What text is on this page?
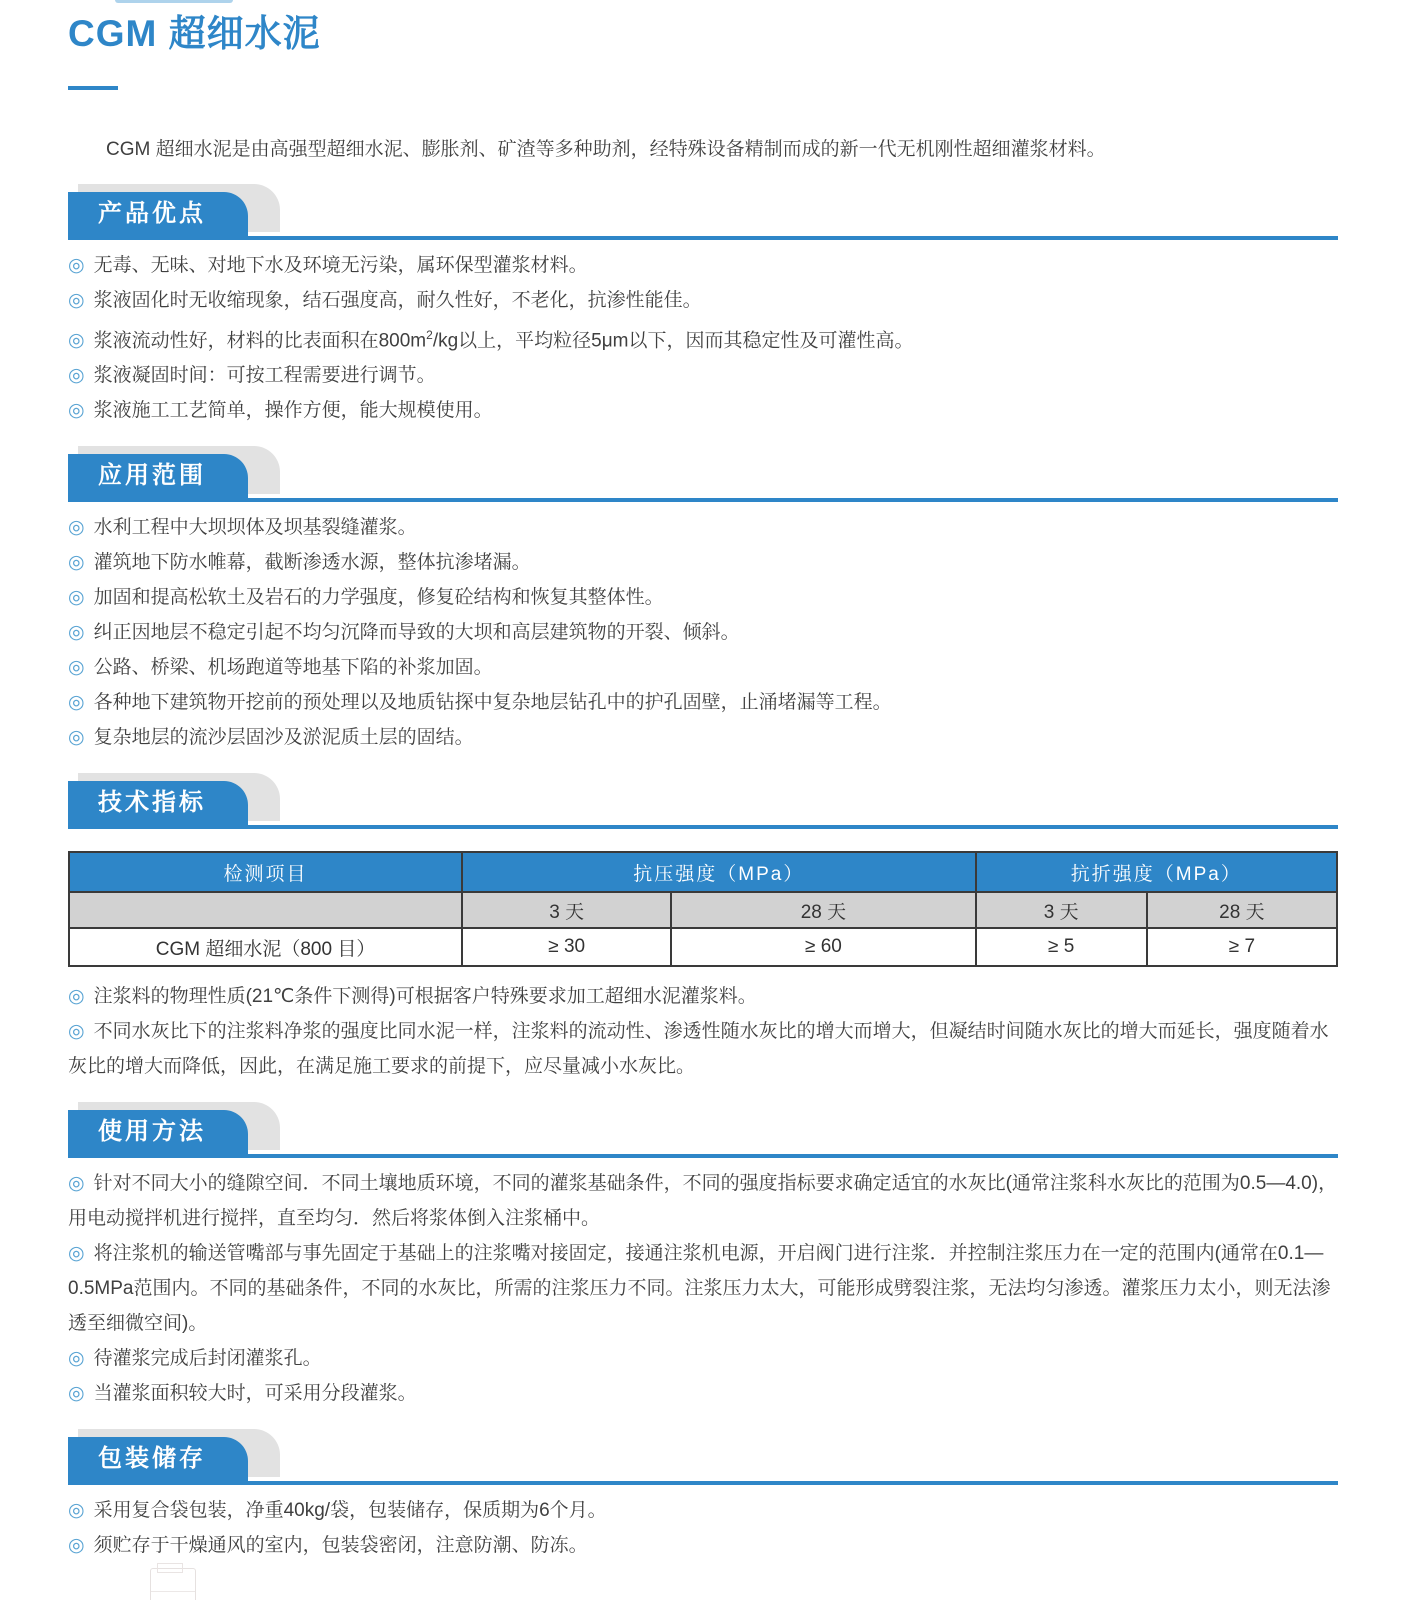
CGM 超细水泥

CGM 超细水泥是由高强型超细水泥、膨胀剂、矿渣等多种助剂，经特殊设备精制而成的新一代无机刚性超细灌浆材料。

产品优点

◎ 无毒、无味、对地下水及环境无污染，属环保型灌浆材料。

◎ 浆液固化时无收缩现象，结石强度高，耐久性好，不老化，抗渗性能佳。

◎ 浆液流动性好，材料的比表面积在$800m^2/kg$以上，平均粒径5μm以下，因而其稳定性及可灌性高。

◎ 浆液凝固时间：可按工程需要进行调节。

◎ 浆液施工工艺简单，操作方便，能大规模使用。

应用范围

◎ 水利工程中大坝坝体及坝基裂缝灌浆。

◎ 灌筑地下防水帷幕，截断渗透水源，整体抗渗堵漏。

◎ 加固和提高松软土及岩石的力学强度，修复砼结构和恢复其整体性。

◎ 纠正因地层不稳定引起不均匀沉降而导致的大坝和高层建筑物的开裂、倾斜。

◎ 公路、桥梁、机场跑道等地基下陷的补浆加固。

◎ 各种地下建筑物开挖前的预处理以及地质钻探中复杂地层钻孔中的护孔固壁，止涌堵漏等工程。

◎ 复杂地层的流沙层固沙及淤泥质土层的固结。

技术指标
检测项目	抗压强度（MPa）		抗折强度（MPa）	
	3 天	28 天	3 天	28 天
CGM 超细水泥（800 目）	≥ 30	≥ 60	≥ 5	≥ 7

◎ 注浆料的物理性质(21℃条件下测得)可根据客户特殊要求加工超细水泥灌浆料。

◎ 不同水灰比下的注浆料净浆的强度比同水泥一样，注浆料的流动性、渗透性随水灰比的增大而增大，但凝结时间随水灰比的增大而延长，强度随着水灰比的增大而降低，因此，在满足施工要求的前提下，应尽量减小水灰比。

使用方法

◎ 针对不同大小的缝隙空间．不同土壤地质环境，不同的灌浆基础条件，不同的强度指标要求确定适宜的水灰比(通常注浆科水灰比的范围为0.5—4.0)，用电动搅拌机进行搅拌，直至均匀．然后将浆体倒入注浆桶中。

◎ 将注浆机的输送管嘴部与事先固定于基础上的注浆嘴对接固定，接通注浆机电源，开启阀门进行注浆．并控制注浆压力在一定的范围内(通常在0.1—0.5MPa范围内。不同的基础条件，不同的水灰比，所需的注浆压力不同。注浆压力太大，可能形成劈裂注浆，无法均匀渗透。灌浆压力太小，则无法渗透至细微空间)。

◎ 待灌浆完成后封闭灌浆孔。

◎ 当灌浆面积较大时，可采用分段灌浆。

包装储存

◎ 采用复合袋包装，净重40kg/袋，包装储存，保质期为6个月。

◎ 须贮存于干燥通风的室内，包装袋密闭，注意防潮、防冻。
